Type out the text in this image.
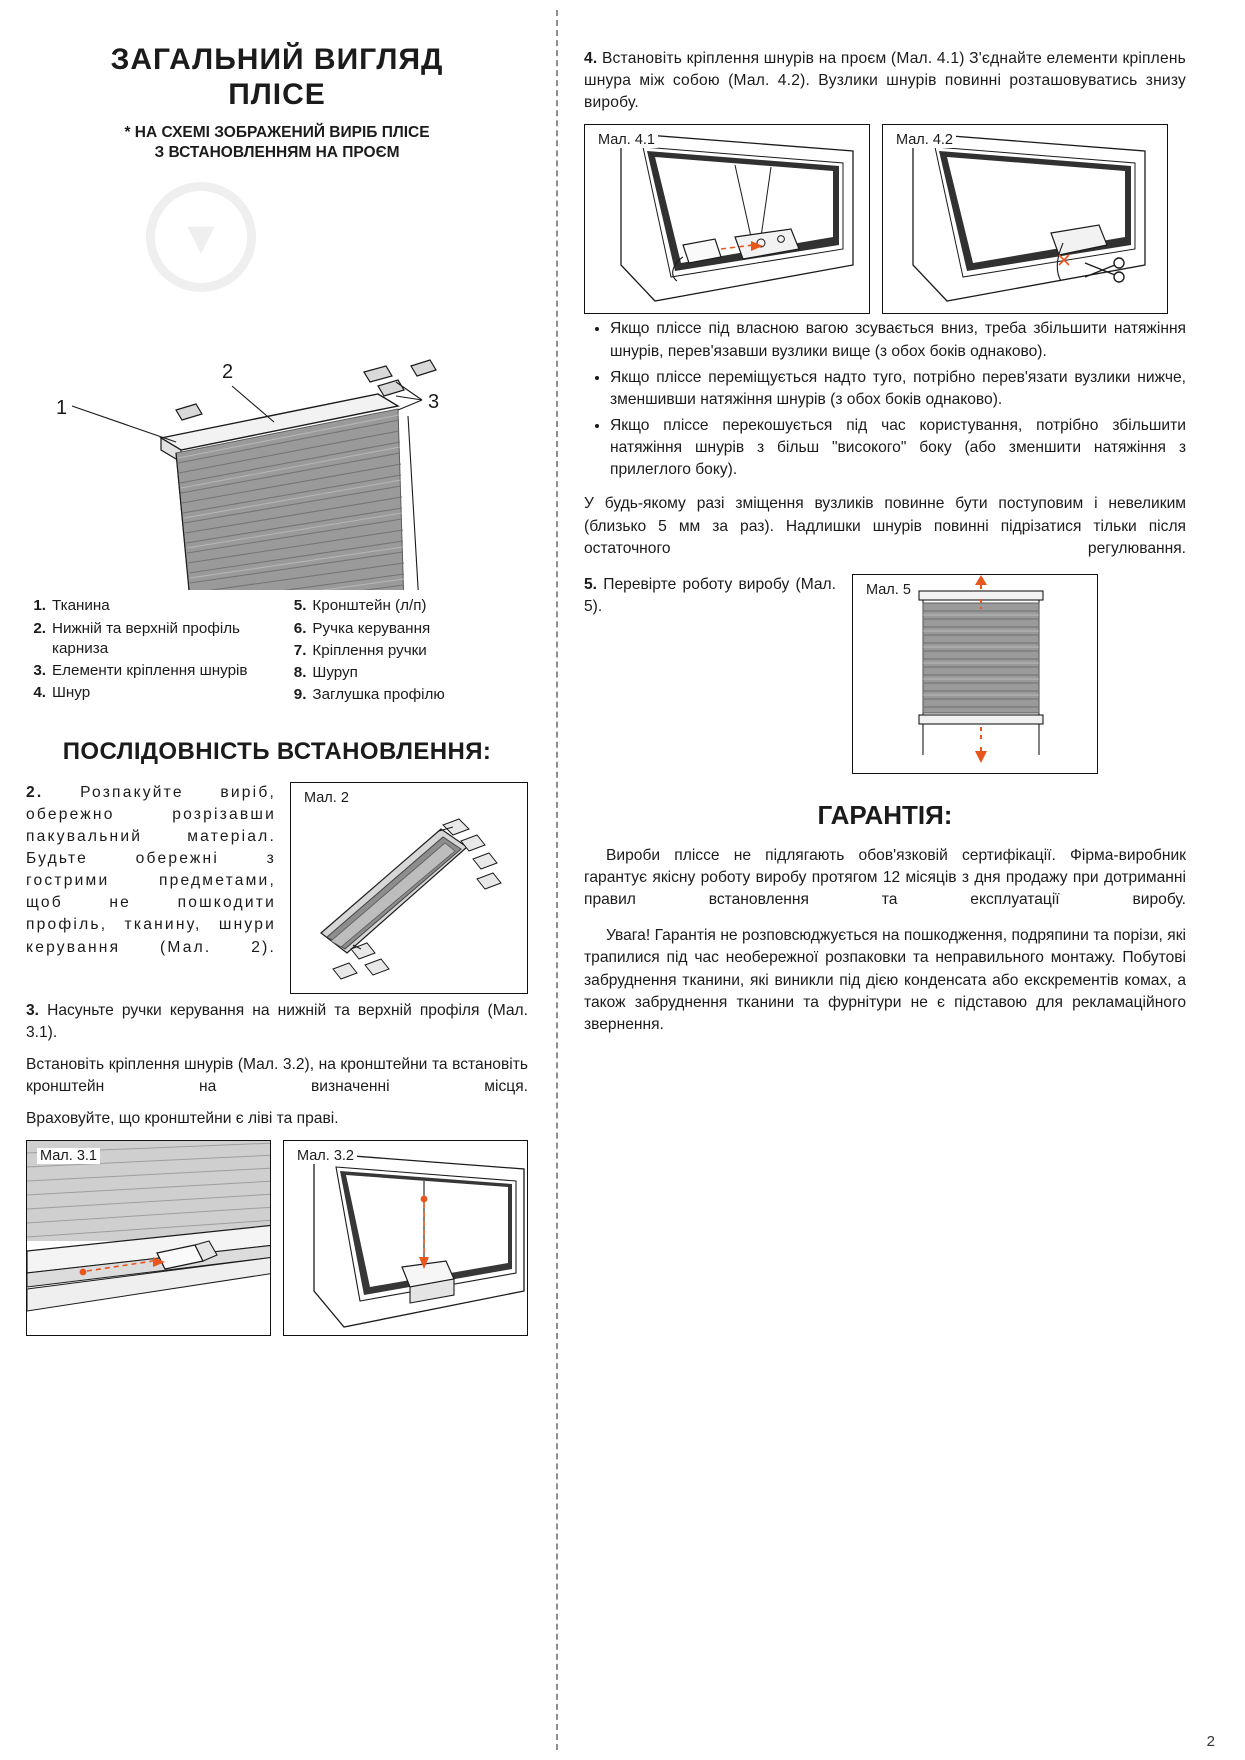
ЗАГАЛЬНИЙ ВИГЛЯД
ПЛІСЕ

* НА СХЕМІ ЗОБРАЖЕНИЙ ВИРІБ ПЛІСЕ
З ВСТАНОВЛЕННЯМ НА ПРОЄМ

▼
1
2
3
1. Тканина
2. Нижній та верхній профіль карниза
3. Елементи кріплення шнурів
4. Шнур
5. Кронштейн (л/п)
6. Ручка керування
7. Кріплення ручки
8. Шуруп
9. Заглушка профілю
ПОСЛІДОВНІСТЬ ВСТАНОВЛЕННЯ:

2. Розпакуйте виріб, обережно розрізавши пакувальний матеріал. Будьте обережні з гострими предметами, щоб не пошкодити профіль, тканину, шнури керування (Мал. 2).

Мал. 2

3. Насуньте ручки керування на нижній та верхній профіля (Мал. 3.1).

Встановіть кріплення шнурів (Мал. 3.2), на кронштейни та встановіть кронштейн на визначенні місця.

Враховуйте, що кронштейни є ліві та праві.

Мал. 3.1	Мал. 3.2

4. Встановіть кріплення шнурів на проєм (Мал. 4.1) З'єднайте елементи кріплень шнура між собою (Мал. 4.2). Вузлики шнурів повинні розташовуватись знизу виробу.

Мал. 4.1	Мал. 4.2
• Якщо пліссе під власною вагою зсувається вниз, треба збільшити натяжіння шнурів, перев'язавши вузлики вище (з обох боків однаково).
• Якщо пліссе переміщується надто туго, потрібно перев'язати вузлики нижче, зменшивши натяжіння шнурів (з обох боків однаково).
• Якщо пліссе перекошується під час користування, потрібно збільшити натяжіння шнурів з більш "високого" боку (або зменшити натяжіння з прилеглого боку).

У будь-якому разі зміщення вузликів повинне бути поступовим і невеликим (близько 5 мм за раз). Надлишки шнурів повинні підрізатися тільки після остаточного регулювання.

5. Перевірте роботу виробу (Мал. 5).

Мал. 5
ГАРАНТІЯ:

Вироби пліссе не підлягають обов'язковій сертифікації. Фірма-виробник гарантує якісну роботу виробу протягом 12 місяців з дня продажу при дотриманні правил встановлення та експлуатації виробу.

Увага! Гарантія не розповсюджується на пошкодження, подряпини та порізи, які трапилися під час необережної розпаковки та неправильного монтажу. Побутові забруднення тканини, які виникли під дією конденсата або екскрементів комах, а також забруднення тканини та фурнітури не є підставою для рекламаційного звернення.

2
